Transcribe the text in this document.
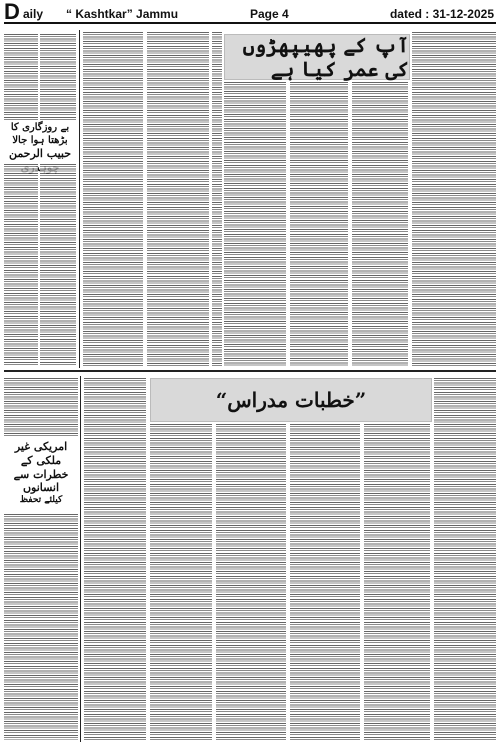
D aily “ Kashtkar” Jammu	Page 4	dated : 31-12-2025
بے روزگاری کا بڑھتا ہوا جالا
حبیب الرحمن
آپ کے پھیپھڑوں کی عمر کیا ہے
امریکی غیر ملکی کے
خطرات سے انسانوں
کیلئے تحفظ
”خطبات مدراس“
